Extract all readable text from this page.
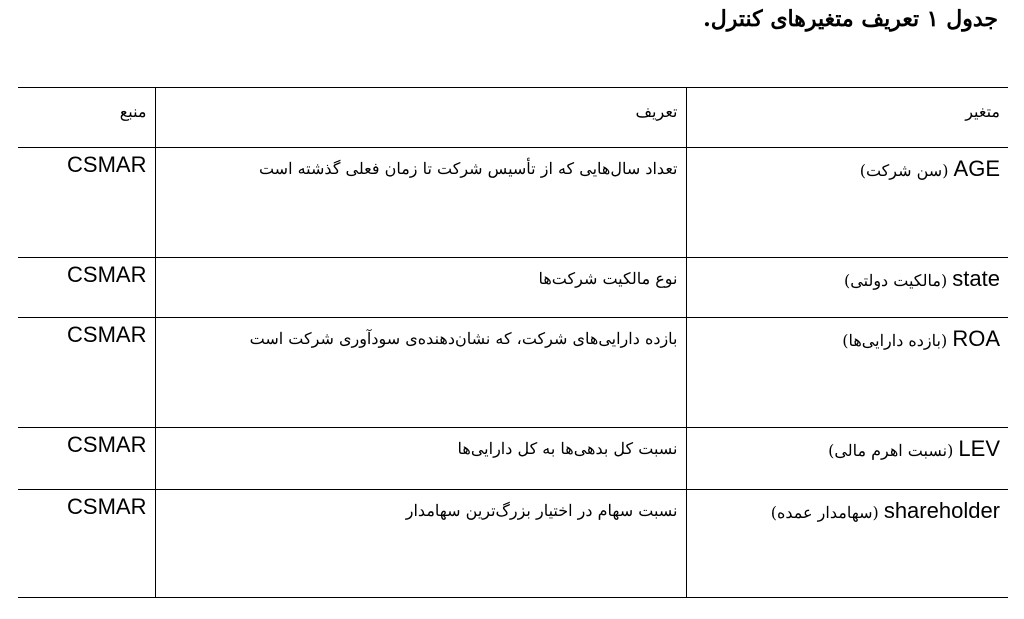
جدول ۱ تعریف متغیرهای کنترل.
متغیر	تعریف	منبع

AGE (سن شرکت)	تعداد سال‌هایی که از تأسیس شرکت تا زمان فعلی گذشته است	CSMAR

state (مالکیت دولتی)	نوع مالکیت شرکت‌ها	CSMAR

ROA (بازده دارایی‌ها)	بازده دارایی‌های شرکت، که نشان‌دهنده‌ی سودآوری شرکت است	CSMAR

LEV (نسبت اهرم مالی)	نسبت کل بدهی‌ها به کل دارایی‌ها	CSMAR

shareholder (سهامدار عمده)	نسبت سهام در اختیار بزرگ‌ترین سهامدار	CSMAR
